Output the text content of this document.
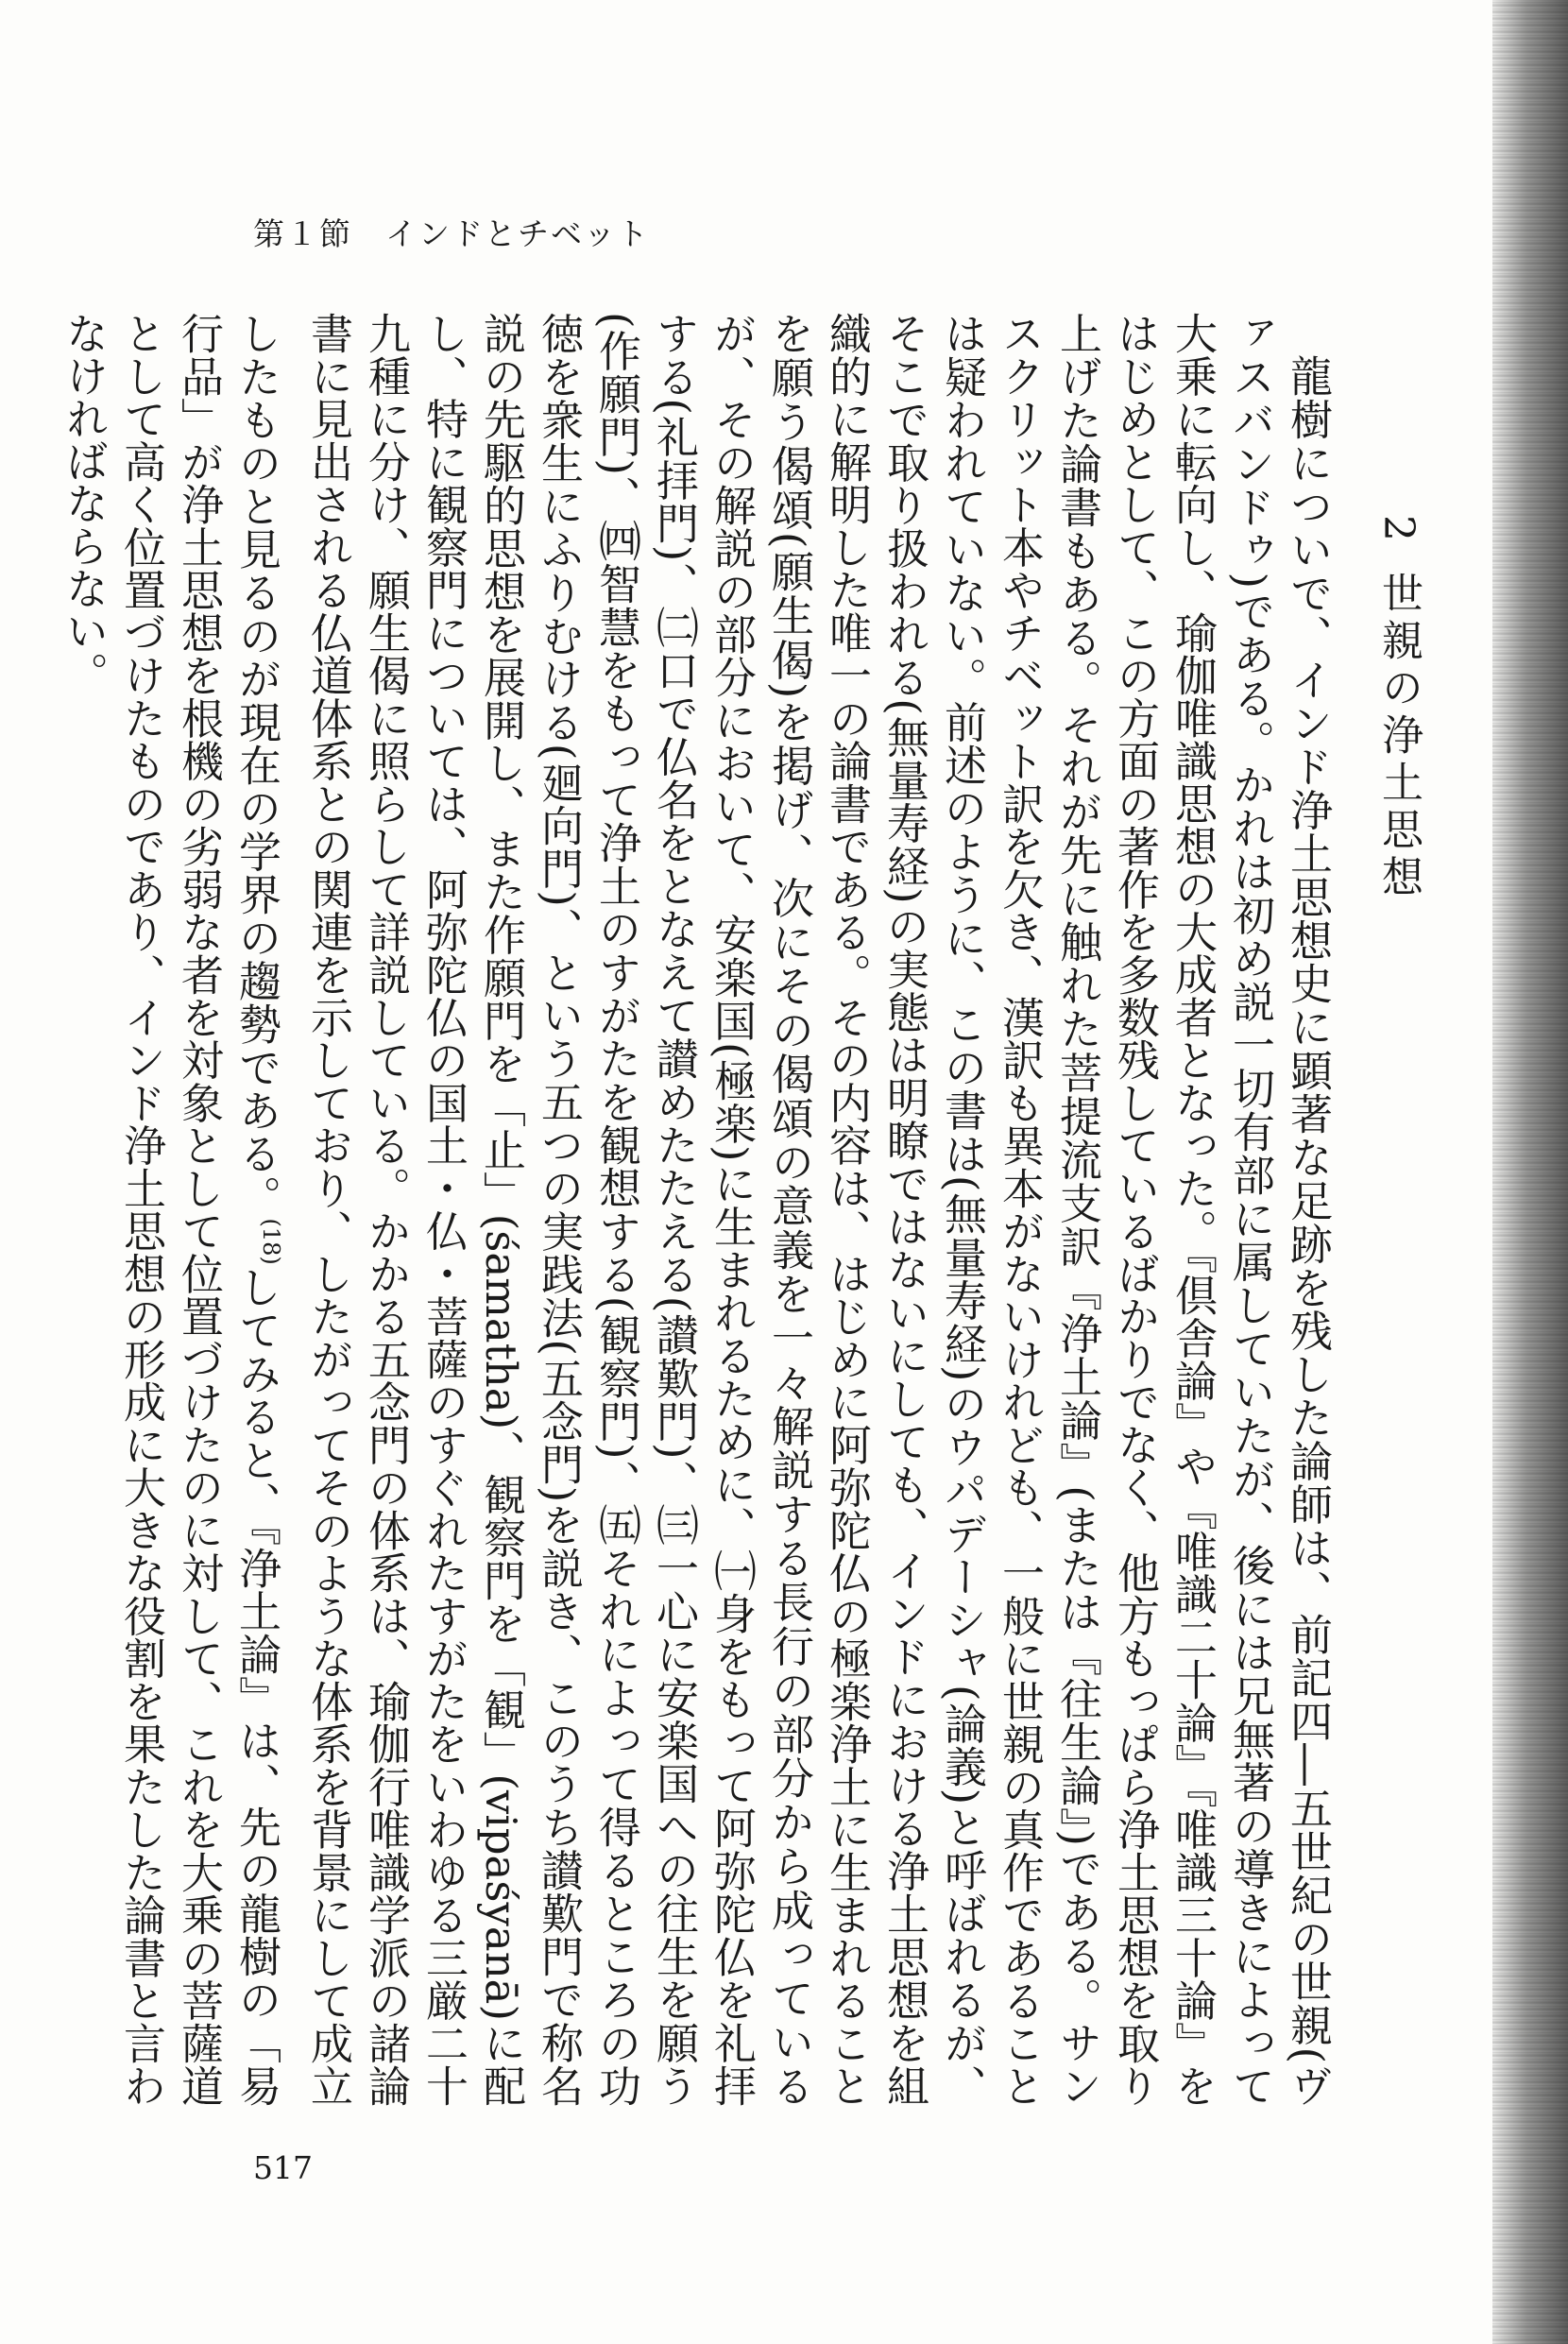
第１節　インドとチベット
2世親の浄土思想

龍樹についで、インド浄土思想史に顕著な足跡を残した論師は、前記四―五世紀の世親(ヴァスバンドゥ)である。かれは初め説一切有部に属していたが、後には兄無著の導きによって大乗に転向し、瑜伽唯識思想の大成者となった。『倶舎論』や『唯識二十論』『唯識三十論』をはじめとして、この方面の著作を多数残しているばかりでなく、他方もっぱら浄土思想を取り上げた論書もある。それが先に触れた菩提流支訳『浄土論』(または『往生論』)である。サンスクリット本やチベット訳を欠き、漢訳も異本がないけれども、一般に世親の真作であることは疑われていない。前述のように、この書は(無量寿経)のウパデーシャ(論義)と呼ばれるが、そこで取り扱われる(無量寿経)の実態は明瞭ではないにしても、インドにおける浄土思想を組織的に解明した唯一の論書である。その内容は、はじめに阿弥陀仏の極楽浄土に生まれることを願う偈頌(願生偈)を掲げ、次にその偈頌の意義を一々解説する長行の部分から成っているが、その解説の部分において、安楽国(極楽)に生まれるために、㈠身をもって阿弥陀仏を礼拝する(礼拝門)、㈡口で仏名をとなえて讃めたたえる(讃歎門)、㈢一心に安楽国への往生を願う(作願門)、㈣智慧をもって浄土のすがたを観想する(観察門)、㈤それによって得るところの功徳を衆生にふりむける(廻向門)、という五つの実践法(五念門)を説き、このうち讃歎門で称名説の先駆的思想を展開し、また作願門を「止」(śamatha)、観察門を「観」(vipaśyanā)に配し、特に観察門については、阿弥陀仏の国土・仏・菩薩のすぐれたすがたをいわゆる三厳二十九種に分け、願生偈に照らして詳説している。かかる五念門の体系は、瑜伽行唯識学派の諸論書に見出される仏道体系との関連を示しており、したがってそのような体系を背景にして成立したものと見るのが現在の学界の趨勢である。$^{(18)}$してみると、『浄土論』は、先の龍樹の「易行品」が浄土思想を根機の劣弱な者を対象として位置づけたのに対して、これを大乗の菩薩道として高く位置づけたものであり、インド浄土思想の形成に大きな役割を果たした論書と言わなければならない。

517
